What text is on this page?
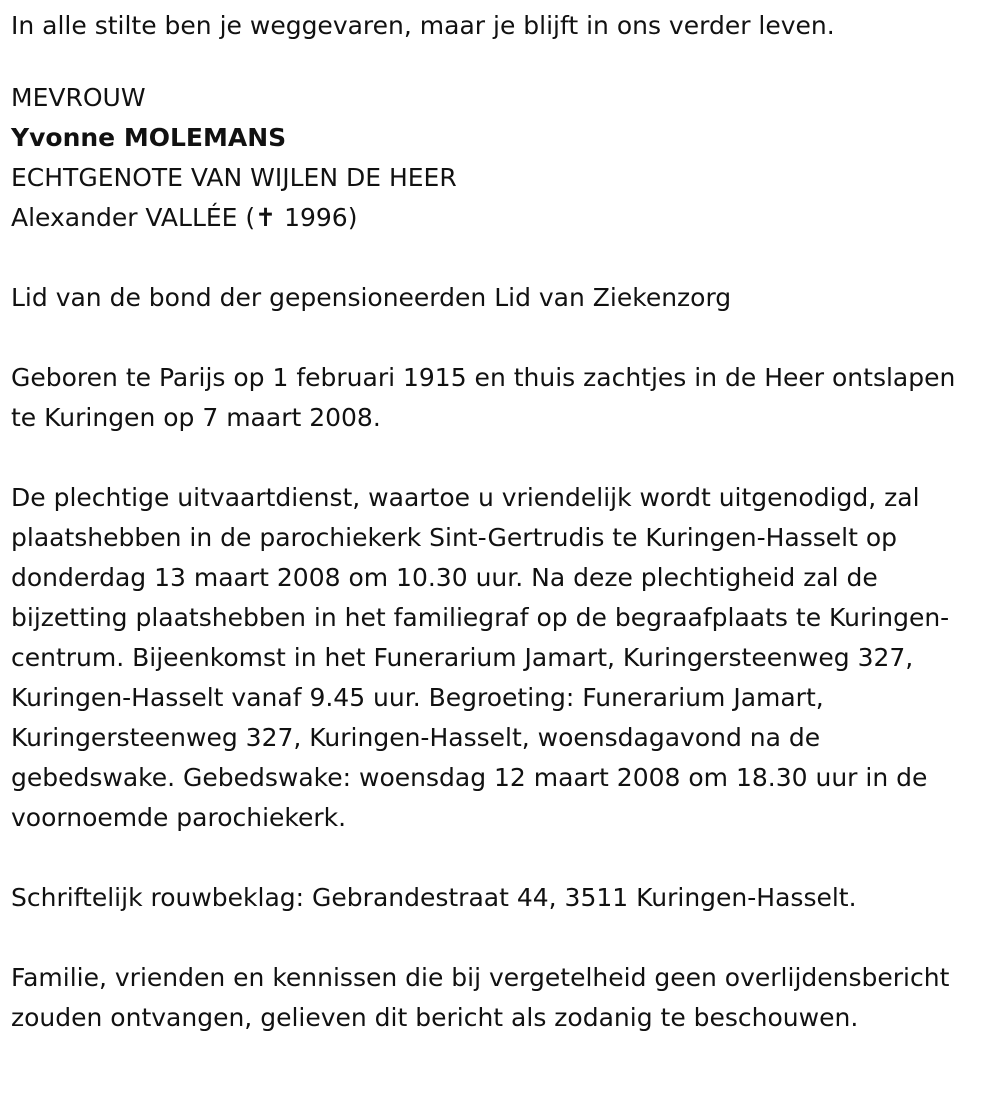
In alle stilte ben je weggevaren, maar je blijft in ons verder leven.
MEVROUW
Yvonne MOLEMANS
ECHTGENOTE VAN WIJLEN DE HEER
Alexander VALLÉE (✝ 1996)
Lid van de bond der gepensioneerden Lid van Ziekenzorg
Geboren te Parijs op 1 februari 1915 en thuis zachtjes in de Heer ontslapen te Kuringen op 7 maart 2008.
De plechtige uitvaartdienst, waartoe u vriendelijk wordt uitgenodigd, zal plaatshebben in de parochiekerk Sint-Gertrudis te Kuringen-Hasselt op donderdag 13 maart 2008 om 10.30 uur. Na deze plechtigheid zal de bijzetting plaatshebben in het familiegraf op de begraafplaats te Kuringen-centrum. Bijeenkomst in het Funerarium Jamart, Kuringersteenweg 327, Kuringen-Hasselt vanaf 9.45 uur. Begroeting: Funerarium Jamart, Kuringersteenweg 327, Kuringen-Hasselt, woensdagavond na de gebedswake. Gebedswake: woensdag 12 maart 2008 om 18.30 uur in de voornoemde parochiekerk.
Schriftelijk rouwbeklag: Gebrandestraat 44, 3511 Kuringen-Hasselt.
Familie, vrienden en kennissen die bij vergetelheid geen overlijdensbericht zouden ontvangen, gelieven dit bericht als zodanig te beschouwen.
